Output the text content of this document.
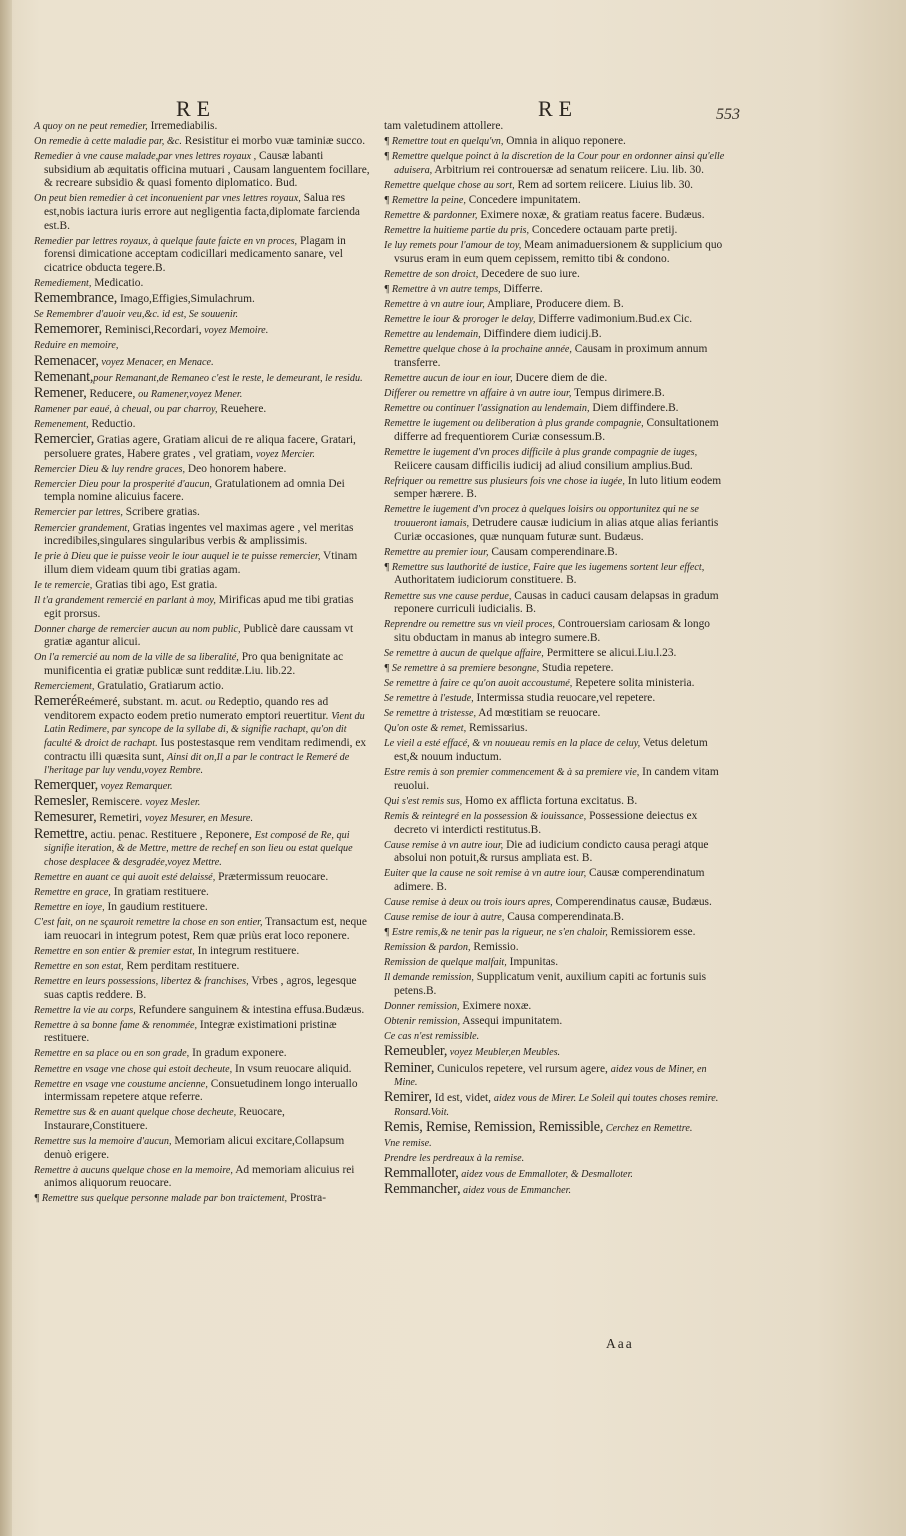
RE	RE	553
A quoy on ne peut remedier, Irremediabilis.
On remedie à cette maladie par, &c. Resistitur ei morbo vuæ taminiæ succo.
Remedier à vne cause malade,par vnes lettres royaux , Causæ labanti subsidium ab æquitatis officina mutuari , Causam languentem focillare, & recreare subsidio & quasi fomento diplomatico. Bud.
On peut bien remedier à cet inconuenient par vnes lettres royaux, Salua res est,nobis iactura iuris errore aut negligentia facta,diplomate farcienda est.B.
Remedier par lettres royaux, à quelque faute faicte en vn proces, Plagam in forensi dimicatione acceptam codicillari medicamento sanare, vel cicatrice obducta tegere.B.
Remediement, Medicatio.
Remembrance, Imago,Effigies,Simulachrum.
Se Remembrer d'auoir veu,&c. id est, Se souuenir.
Rememorer, Reminisci,Recordari, voyez Memoire.
Reduire en memoire,
Remenacer, voyez Menacer, en Menace.
Remenant,pour Remanant,de Remaneo c'est le reste, le demeurant, le residu.
Remener, Reducere, ou Ramener,voyez Mener.
Ramener par eaué, à cheual, ou par charroy, Reuehere.
Remenement, Reductio.
Remercier, Gratias agere, Gratiam alicui de re aliqua facere, Gratari, persoluere grates, Habere grates , vel gratiam, voyez Mercier.
Remercier Dieu & luy rendre graces, Deo honorem habere.
Remercier Dieu pour la prosperité d'aucun, Gratulationem ad omnia Dei templa nomine alicuius facere.
Remercier par lettres, Scribere gratias.
Remercier grandement, Gratias ingentes vel maximas agere , vel meritas incredibiles,singulares singularibus verbis & amplissimis.
Ie prie à Dieu que ie puisse veoir le iour auquel ie te puisse remercier, Vtinam illum diem videam quum tibi gratias agam.
Ie te remercie, Gratias tibi ago, Est gratia.
Il t'a grandement remercié en parlant à moy, Mirificas apud me tibi gratias egit prorsus.
Donner charge de remercier aucun au nom public, Publicè dare caussam vt gratiæ agantur alicui.
On l'a remercié au nom de la ville de sa liberalité, Pro qua benignitate ac munificentia ei gratiæ publicæ sunt redditæ.Liu. lib.22.
Remerciement, Gratulatio, Gratiarum actio.
RemeréReémeré, substant. m. acut. ou Redeptio, quando res ad venditorem expacto eodem pretio numerato emptori reuertitur. Vient du Latin Redimere, par syncope de la syllabe di, & signifie rachapt, qu'on dit faculté & droict de rachapt. Ius postestasque rem venditam redimendi, ex contractu illi quæsita sunt, Ainsi dit on,Il a par le contract le Remeré de l'heritage par luy vendu,voyez Rembre.
Remerquer, voyez Remarquer.
Remesler, Remiscere. voyez Mesler.
Remesurer, Remetiri, voyez Mesurer, en Mesure.
Remettre, actiu. penac. Restituere , Reponere, Est composé de Re, qui signifie iteration, & de Mettre, mettre de rechef en son lieu ou estat quelque chose desplacee & desgradée,voyez Mettre.
Remettre en auant ce qui auoit esté delaissé, Prætermissum reuocare.
Remettre en grace, In gratiam restituere.
Remettre en ioye, In gaudium restituere.
C'est fait, on ne sçauroit remettre la chose en son entier, Transactum est, neque iam reuocari in integrum potest, Rem quæ priùs erat loco reponere.
Remettre en son entier & premier estat, In integrum restituere.
Remettre en son estat, Rem perditam restituere.
Remettre en leurs possessions, libertez & franchises, Vrbes , agros, legesque suas captis reddere. B.
Remettre la vie au corps, Refundere sanguinem & intestina effusa.Budæus.
Remettre à sa bonne fame & renommée, Integræ existimationi pristinæ restituere.
Remettre en sa place ou en son grade, In gradum exponere.
Remettre en vsage vne chose qui estoit decheute, In vsum reuocare aliquid.
Remettre en vsage vne coustume ancienne, Consuetudinem longo interuallo intermissam repetere atque referre.
Remettre sus & en auant quelque chose decheute, Reuocare, Instaurare,Constituere.
Remettre sus la memoire d'aucun, Memoriam alicui excitare,Collapsum denuò erigere.
Remettre à aucuns quelque chose en la memoire, Ad memoriam alicuius rei animos aliquorum reuocare.
¶ Remettre sus quelque personne malade par bon traictement, Prostra-
tam valetudinem attollere.
¶ Remettre tout en quelqu'vn, Omnia in aliquo reponere.
¶ Remettre quelque poinct à la discretion de la Cour pour en ordonner ainsi qu'elle aduisera, Arbitrium rei controuersæ ad senatum reiicere. Liu. lib. 30.
Remettre quelque chose au sort, Rem ad sortem reiicere. Liuius lib. 30.
¶ Remettre la peine, Concedere impunitatem.
Remettre & pardonner, Eximere noxæ, & gratiam reatus facere. Budæus.
Remettre la huitieme partie du pris, Concedere octauam parte pretij.
Ie luy remets pour l'amour de toy, Meam animaduersionem & supplicium quo vsurus eram in eum quem cepissem, remitto tibi & condono.
Remettre de son droict, Decedere de suo iure.
¶ Remettre à vn autre temps, Differre.
Remettre à vn autre iour, Ampliare, Producere diem. B.
Remettre le iour & proroger le delay, Differre vadimonium.Bud.ex Cic.
Remettre au lendemain, Diffindere diem iudicij.B.
Remettre quelque chose à la prochaine année, Causam in proximum annum transferre.
Remettre aucun de iour en iour, Ducere diem de die.
Differer ou remettre vn affaire à vn autre iour, Tempus dirimere.B.
Remettre ou continuer l'assignation au lendemain, Diem diffindere.B.
Remettre le iugement ou deliberation à plus grande compagnie, Consultationem differre ad frequentiorem Curiæ consessum.B.
Remettre le iugement d'vn proces difficile à plus grande compagnie de iuges, Reiicere causam difficilis iudicij ad aliud consilium amplius.Bud.
Refriquer ou remettre sus plusieurs fois vne chose ia iugée, In luto litium eodem semper hærere. B.
Remettre le iugement d'vn procez à quelques loisirs ou opportunitez qui ne se trouueront iamais, Detrudere causæ iudicium in alias atque alias feriantis Curiæ occasiones, quæ nunquam futuræ sunt. Budæus.
Remettre au premier iour, Causam comperendinare.B.
¶ Remettre sus lauthorité de iustice, Faire que les iugemens sortent leur effect, Authoritatem iudiciorum constituere. B.
Remettre sus vne cause perdue, Causas in caduci causam delapsas in gradum reponere curriculi iudicialis. B.
Reprendre ou remettre sus vn vieil proces, Controuersiam cariosam & longo situ obductam in manus ab integro sumere.B.
Se remettre à aucun de quelque affaire, Permittere se alicui.Liu.l.23.
¶ Se remettre à sa premiere besongne, Studia repetere.
Se remettre à faire ce qu'on auoit accoustumé, Repetere solita ministeria.
Se remettre à l'estude, Intermissa studia reuocare,vel repetere.
Se remettre à tristesse, Ad mœstitiam se reuocare.
Qu'on oste & remet, Remissarius.
Le vieil a esté effacé, & vn nouueau remis en la place de celuy, Vetus deletum est,& nouum inductum.
Estre remis à son premier commencement & à sa premiere vie, In candem vitam reuolui.
Qui s'est remis sus, Homo ex afflicta fortuna excitatus. B.
Remis & reintegré en la possession & iouissance, Possessione deiectus ex decreto vi interdicti restitutus.B.
Cause remise à vn autre iour, Die ad iudicium condicto causa peragi atque absolui non potuit,& rursus ampliata est. B.
Euiter que la cause ne soit remise à vn autre iour, Causæ comperendinatum adimere. B.
Cause remise à deux ou trois iours apres, Comperendinatus causæ, Budæus.
Cause remise de iour à autre, Causa comperendinata.B.
¶ Estre remis,& ne tenir pas la rigueur, ne s'en chaloir, Remissiorem esse.
Remission & pardon, Remissio.
Remission de quelque malfait, Impunitas.
Il demande remission, Supplicatum venit, auxilium capiti ac fortunis suis petens.B.
Donner remission, Eximere noxæ.
Obtenir remission, Assequi impunitatem.
Ce cas n'est remissible.
Remeubler, voyez Meubler,en Meubles.
Reminer, Cuniculos repetere, vel rursum agere, aidez vous de Miner, en Mine.
Remirer, Id est, videt, aidez vous de Mirer. Le Soleil qui toutes choses remire. Ronsard.Voit.
Remis, Remise, Remission, Remissible, Cerchez en Remettre.
Vne remise.
Prendre les perdreaux à la remise.
Remmalloter, aidez vous de Emmalloter, & Desmalloter.
Remmancher, aidez vous de Emmancher.
Aaa
